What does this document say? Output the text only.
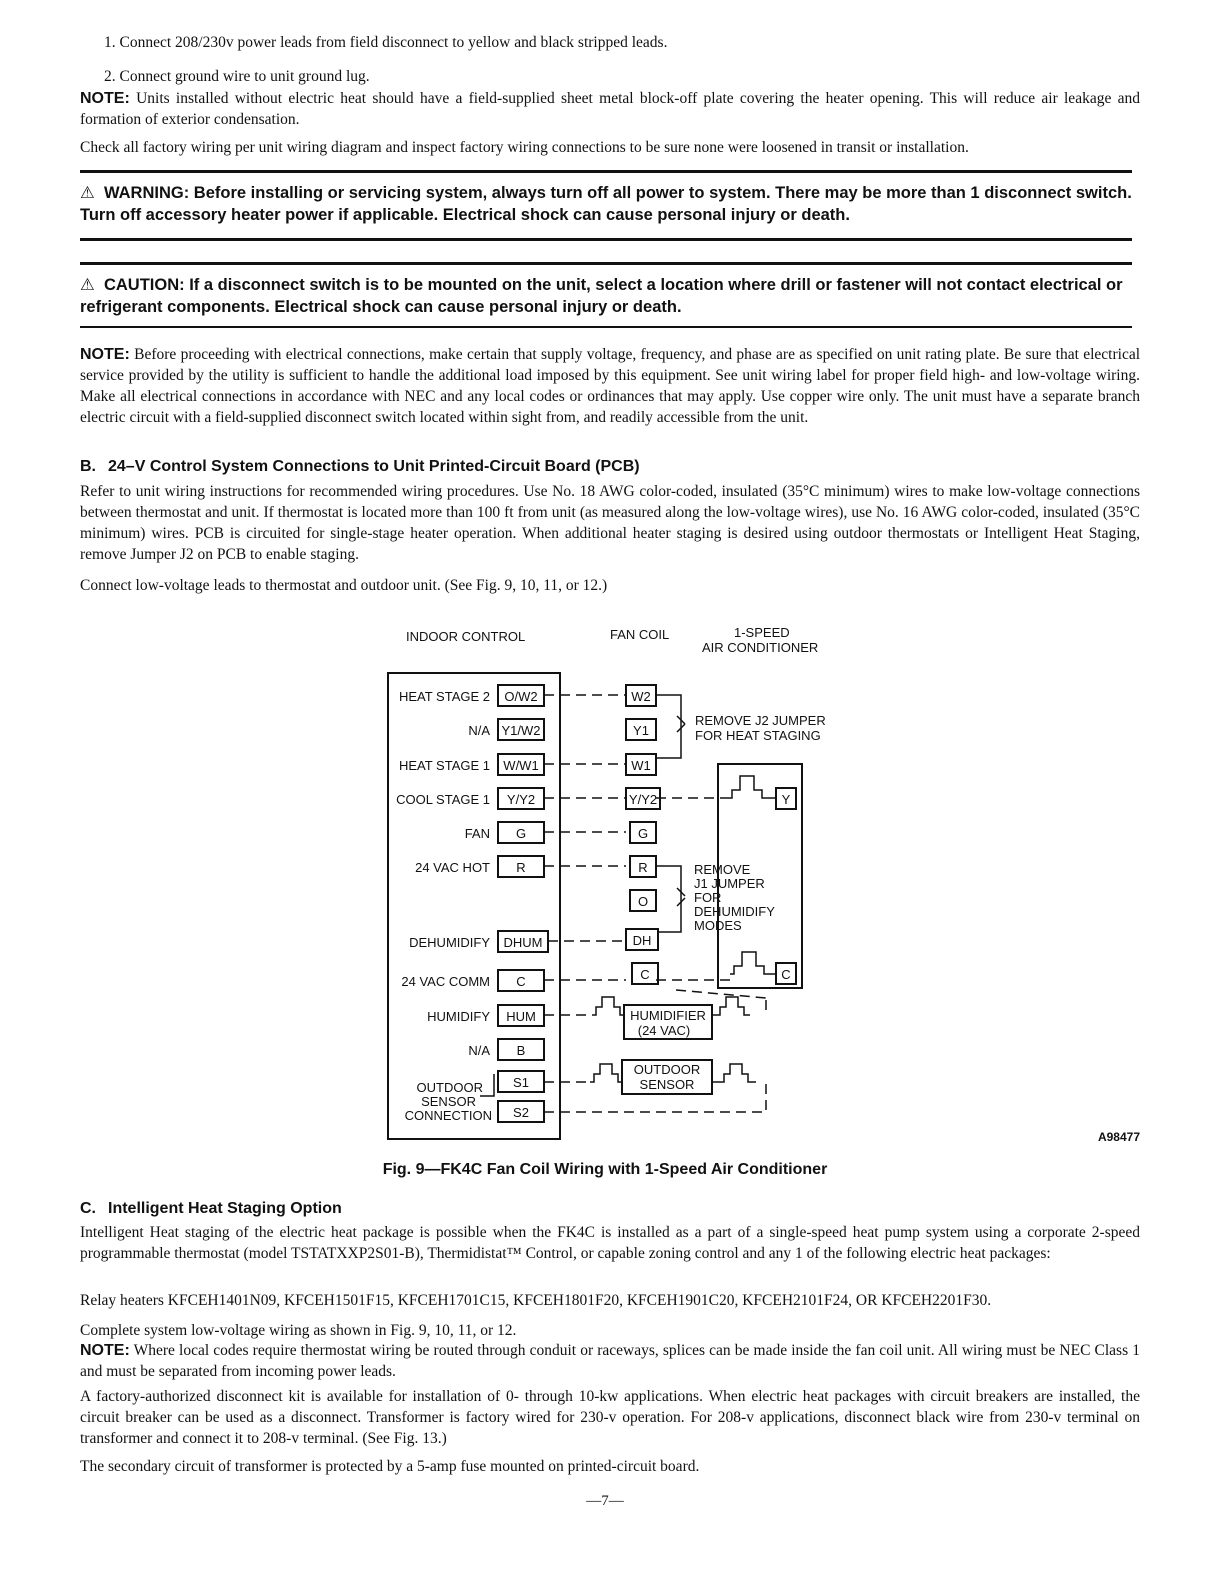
1. Connect 208/230v power leads from field disconnect to yellow and black stripped leads.

2. Connect ground wire to unit ground lug.

NOTE: Units installed without electric heat should have a field-supplied sheet metal block-off plate covering the heater opening. This will reduce air leakage and formation of exterior condensation.

Check all factory wiring per unit wiring diagram and inspect factory wiring connections to be sure none were loosened in transit or installation.

⚠ WARNING: Before installing or servicing system, always turn off all power to system. There may be more than 1 disconnect switch. Turn off accessory heater power if applicable. Electrical shock can cause personal injury or death.

⚠ CAUTION: If a disconnect switch is to be mounted on the unit, select a location where drill or fastener will not contact electrical or refrigerant components. Electrical shock can cause personal injury or death.

NOTE: Before proceeding with electrical connections, make certain that supply voltage, frequency, and phase are as specified on unit rating plate. Be sure that electrical service provided by the utility is sufficient to handle the additional load imposed by this equipment. See unit wiring label for proper field high- and low-voltage wiring. Make all electrical connections in accordance with NEC and any local codes or ordinances that may apply. Use copper wire only. The unit must have a separate branch electric circuit with a field-supplied disconnect switch located within sight from, and readily accessible from the unit.

B. 24–V Control System Connections to Unit Printed-Circuit Board (PCB)

Refer to unit wiring instructions for recommended wiring procedures. Use No. 18 AWG color-coded, insulated (35°C minimum) wires to make low-voltage connections between thermostat and unit. If thermostat is located more than 100 ft from unit (as measured along the low-voltage wires), use No. 16 AWG color-coded, insulated (35°C minimum) wires. PCB is circuited for single-stage heater operation. When additional heater staging is desired using outdoor thermostats or Intelligent Heat Staging, remove Jumper J2 on PCB to enable staging.

Connect low-voltage leads to thermostat and outdoor unit. (See Fig. 9, 10, 11, or 12.)

INDOOR CONTROL	FAN COIL	1-SPEED
AIR CONDITIONER
HEAT STAGE 2 O/W2
N/A Y1/W2
HEAT STAGE 1 W/W1
COOL STAGE 1 Y/Y2
FAN G
24 VAC HOT R
DEHUMIDIFY DHUM
24 VAC COMM C
HUMIDIFY HUM
N/A B
S1
S2
OUTDOOR
SENSOR
CONNECTION
W2
Y1
W1
Y/Y2
G
R
O
DH
C
REMOVE J2 JUMPER
FOR HEAT STAGING
REMOVE
J1 JUMPER
FOR
DEHUMIDIFY
MODES
Y
C
HUMIDIFIER
(24 VAC)
OUTDOOR
SENSOR
A98477
Fig. 9—FK4C Fan Coil Wiring with 1-Speed Air Conditioner

C. Intelligent Heat Staging Option

Intelligent Heat staging of the electric heat package is possible when the FK4C is installed as a part of a single-speed heat pump system using a corporate 2-speed programmable thermostat (model TSTATXXP2S01-B), Thermidistat™ Control, or capable zoning control and any 1 of the following electric heat packages:

Relay heaters KFCEH1401N09, KFCEH1501F15, KFCEH1701C15, KFCEH1801F20, KFCEH1901C20, KFCEH2101F24, OR KFCEH2201F30.

Complete system low-voltage wiring as shown in Fig. 9, 10, 11, or 12.

NOTE: Where local codes require thermostat wiring be routed through conduit or raceways, splices can be made inside the fan coil unit. All wiring must be NEC Class 1 and must be separated from incoming power leads.

A factory-authorized disconnect kit is available for installation of 0- through 10-kw applications. When electric heat packages with circuit breakers are installed, the circuit breaker can be used as a disconnect. Transformer is factory wired for 230-v operation. For 208-v applications, disconnect black wire from 230-v terminal on transformer and connect it to 208-v terminal. (See Fig. 13.)

The secondary circuit of transformer is protected by a 5-amp fuse mounted on printed-circuit board.

—7—
